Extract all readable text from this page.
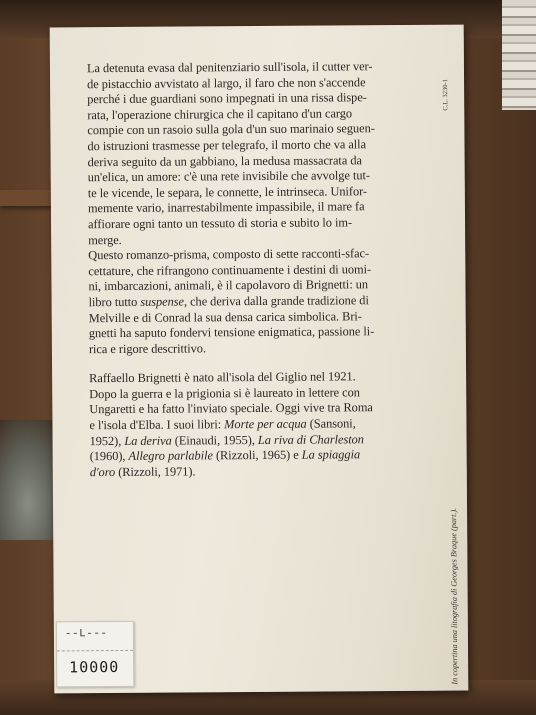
C.L. 3230-1

La detenuta evasa dal penitenziario sull'isola, il cutter ver-
de pistacchio avvistato al largo, il faro che non s'accende
perché i due guardiani sono impegnati in una rissa dispe-
rata, l'operazione chirurgica che il capitano d'un cargo
compie con un rasoio sulla gola d'un suo marinaio seguen-
do istruzioni trasmesse per telegrafo, il morto che va alla
deriva seguito da un gabbiano, la medusa massacrata da
un'elica, un amore: c'è una rete invisibile che avvolge tut-
te le vicende, le separa, le connette, le intrinseca. Unifor-
memente vario, inarrestabilmente impassibile, il mare fa
affiorare ogni tanto un tessuto di storia e subito lo im-
merge.

Questo romanzo-prisma, composto di sette racconti-sfac-
cettature, che rifrangono continuamente i destini di uomi-
ni, imbarcazioni, animali, è il capolavoro di Brignetti: un
libro tutto suspense, che deriva dalla grande tradizione di
Melville e di Conrad la sua densa carica simbolica. Bri-
gnetti ha saputo fondervi tensione enigmatica, passione li-
rica e rigore descrittivo.

Raffaello Brignetti è nato all'isola del Giglio nel 1921.
Dopo la guerra e la prigionia si è laureato in lettere con
Ungaretti e ha fatto l'inviato speciale. Oggi vive tra Roma
e l'isola d'Elba. I suoi libri: Morte per acqua (Sansoni,
1952), La deriva (Einaudi, 1955), La riva di Charleston
(1960), Allegro parlabile (Rizzoli, 1965) e La spiaggia
d'oro (Rizzoli, 1971).

In copertina una litografia di Georges Braque (part.).
--L---
10000
